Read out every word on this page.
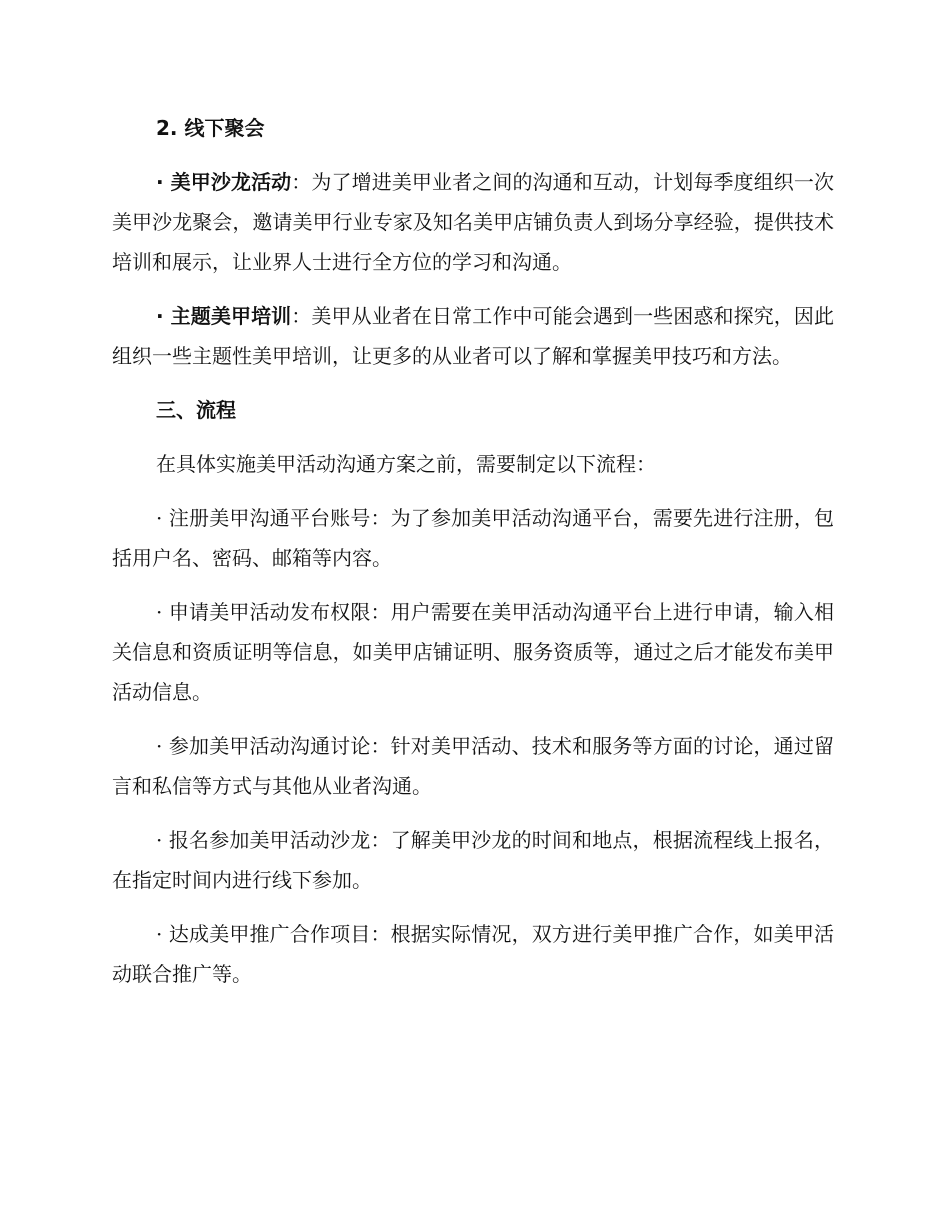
2. 线下聚会

· 美甲沙龙活动：为了增进美甲业者之间的沟通和互动，计划每季度组织一次美甲沙龙聚会，邀请美甲行业专家及知名美甲店铺负责人到场分享经验，提供技术培训和展示，让业界人士进行全方位的学习和沟通。

· 主题美甲培训：美甲从业者在日常工作中可能会遇到一些困惑和探究，因此组织一些主题性美甲培训，让更多的从业者可以了解和掌握美甲技巧和方法。

三、流程

在具体实施美甲活动沟通方案之前，需要制定以下流程：

· 注册美甲沟通平台账号：为了参加美甲活动沟通平台，需要先进行注册，包括用户名、密码、邮箱等内容。

· 申请美甲活动发布权限：用户需要在美甲活动沟通平台上进行申请，输入相关信息和资质证明等信息，如美甲店铺证明、服务资质等，通过之后才能发布美甲活动信息。

· 参加美甲活动沟通讨论：针对美甲活动、技术和服务等方面的讨论，通过留言和私信等方式与其他从业者沟通。

· 报名参加美甲活动沙龙：了解美甲沙龙的时间和地点，根据流程线上报名，在指定时间内进行线下参加。

· 达成美甲推广合作项目：根据实际情况，双方进行美甲推广合作，如美甲活动联合推广等。
